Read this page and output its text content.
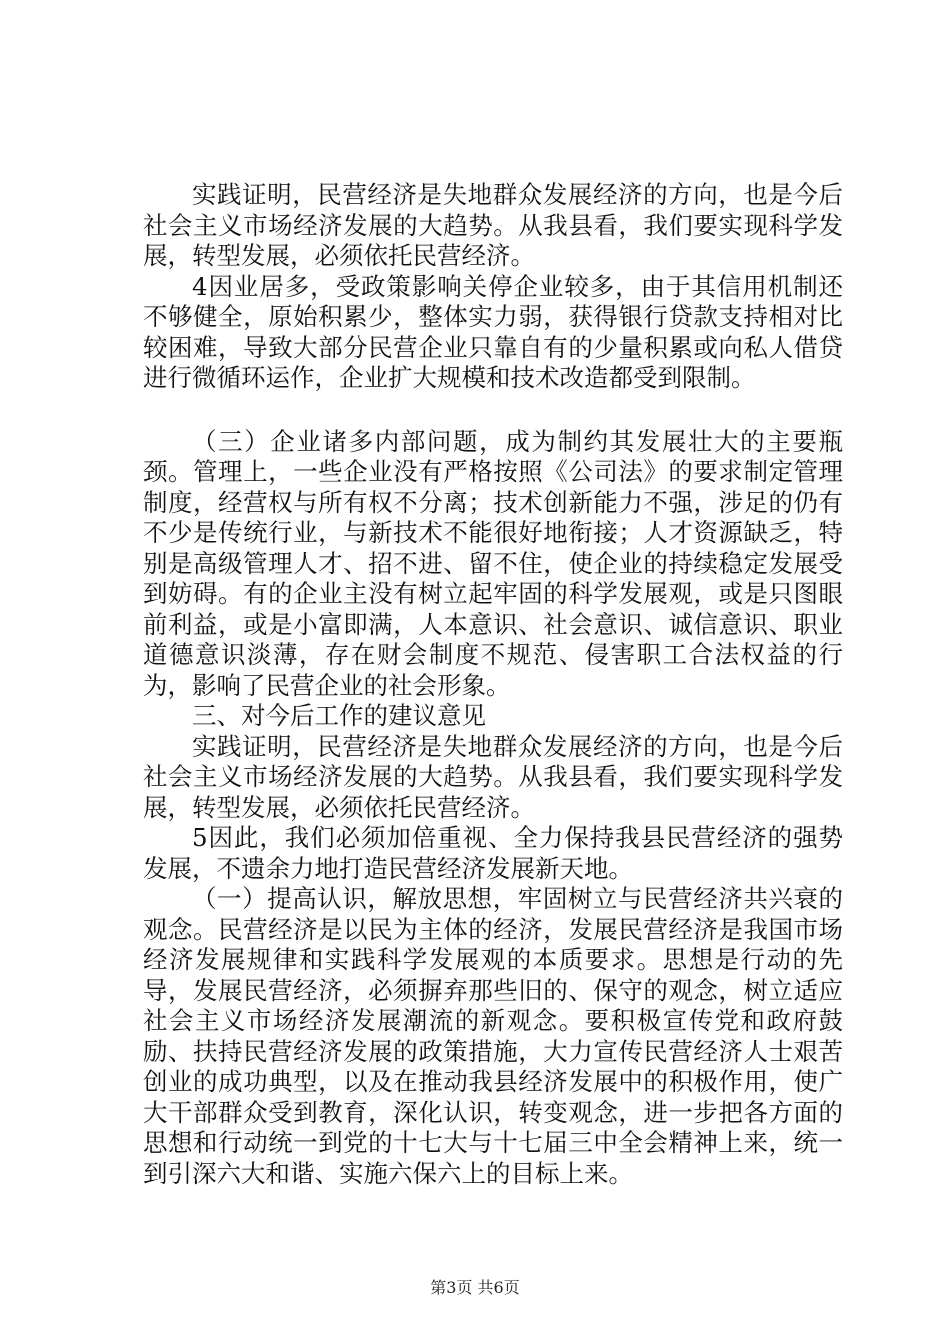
实践证明，民营经济是失地群众发展经济的方向，也是今后社会主义市场经济发展的大趋势。从我县看，我们要实现科学发展，转型发展，必须依托民营经济。

4因业居多，受政策影响关停企业较多，由于其信用机制还不够健全，原始积累少，整体实力弱，获得银行贷款支持相对比较困难，导致大部分民营企业只靠自有的少量积累或向私人借贷进行微循环运作，企业扩大规模和技术改造都受到限制。

（三）企业诸多内部问题，成为制约其发展壮大的主要瓶颈。管理上，一些企业没有严格按照《公司法》的要求制定管理制度，经营权与所有权不分离；技术创新能力不强，涉足的仍有不少是传统行业，与新技术不能很好地衔接；人才资源缺乏，特别是高级管理人才、招不进、留不住，使企业的持续稳定发展受到妨碍。有的企业主没有树立起牢固的科学发展观，或是只图眼前利益，或是小富即满，人本意识、社会意识、诚信意识、职业道德意识淡薄，存在财会制度不规范、侵害职工合法权益的行为，影响了民营企业的社会形象。

三、对今后工作的建议意见

实践证明，民营经济是失地群众发展经济的方向，也是今后社会主义市场经济发展的大趋势。从我县看，我们要实现科学发展，转型发展，必须依托民营经济。

5因此，我们必须加倍重视、全力保持我县民营经济的强势发展，不遗余力地打造民营经济发展新天地。

（一）提高认识，解放思想，牢固树立与民营经济共兴衰的观念。民营经济是以民为主体的经济，发展民营经济是我国市场经济发展规律和实践科学发展观的本质要求。思想是行动的先导，发展民营经济，必须摒弃那些旧的、保守的观念，树立适应社会主义市场经济发展潮流的新观念。要积极宣传党和政府鼓励、扶持民营经济发展的政策措施，大力宣传民营经济人士艰苦创业的成功典型，以及在推动我县经济发展中的积极作用，使广大干部群众受到教育，深化认识，转变观念，进一步把各方面的思想和行动统一到党的十七大与十七届三中全会精神上来，统一到引深六大和谐、实施六保六上的目标上来。

第3页 共6页
